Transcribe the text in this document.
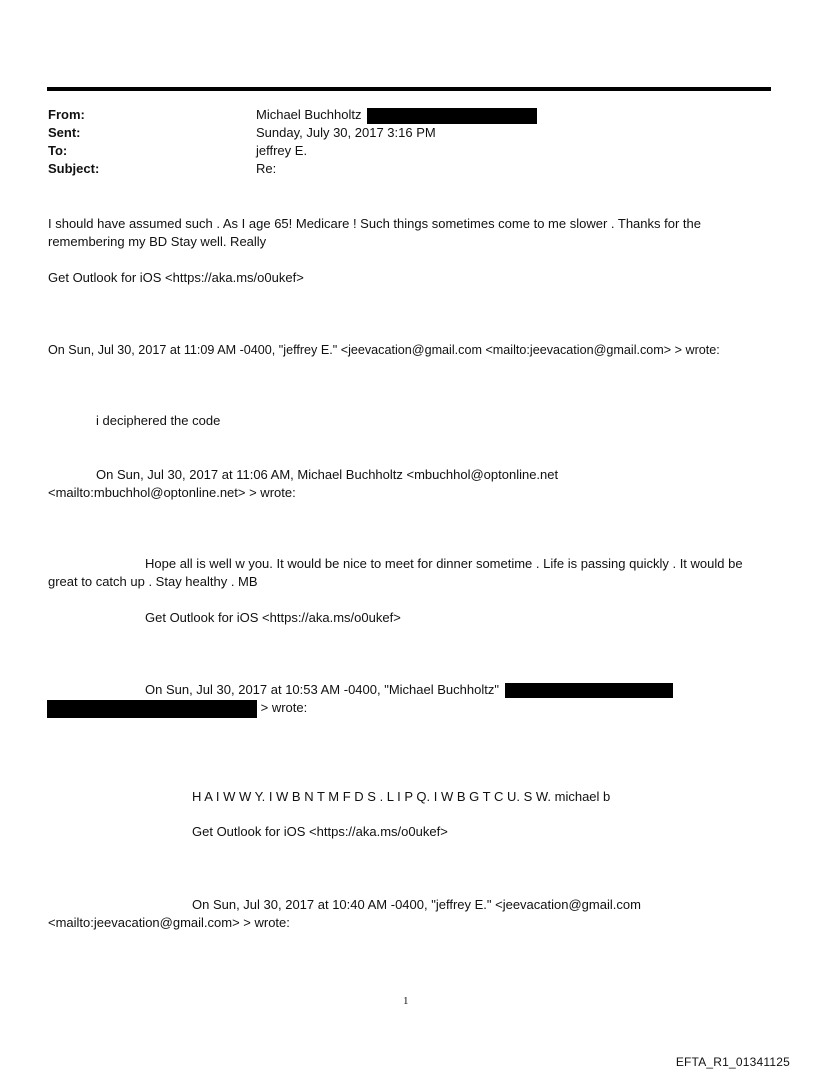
From:	Michael Buchholtz
Sent:	Sunday, July 30, 2017 3:16 PM
To:	jeffrey E.
Subject:	Re:
I should have assumed such . As I age 65! Medicare ! Such things sometimes come to me slower . Thanks for the
remembering my BD Stay well. Really
Get Outlook for iOS <https://aka.ms/o0ukef>
On Sun, Jul 30, 2017 at 11:09 AM -0400, "jeffrey E." <jeevacation@gmail.com <mailto:jeevacation@gmail.com> > wrote:
i deciphered the code
On Sun, Jul 30, 2017 at 11:06 AM, Michael Buchholtz <mbuchhol@optonline.net
<mailto:mbuchhol@optonline.net> > wrote:
Hope all is well w you. It would be nice to meet for dinner sometime . Life is passing quickly . It would be
great to catch up . Stay healthy . MB
Get Outlook for iOS <https://aka.ms/o0ukef>
On Sun, Jul 30, 2017 at 10:53 AM -0400, "Michael Buchholtz"
> wrote:
H A I W W Y. I W B N T M F D S . L I P Q. I W B G T C U. S W. michael b
Get Outlook for iOS <https://aka.ms/o0ukef>
On Sun, Jul 30, 2017 at 10:40 AM -0400, "jeffrey E." <jeevacation@gmail.com
<mailto:jeevacation@gmail.com> > wrote:
1
EFTA_R1_01341125
